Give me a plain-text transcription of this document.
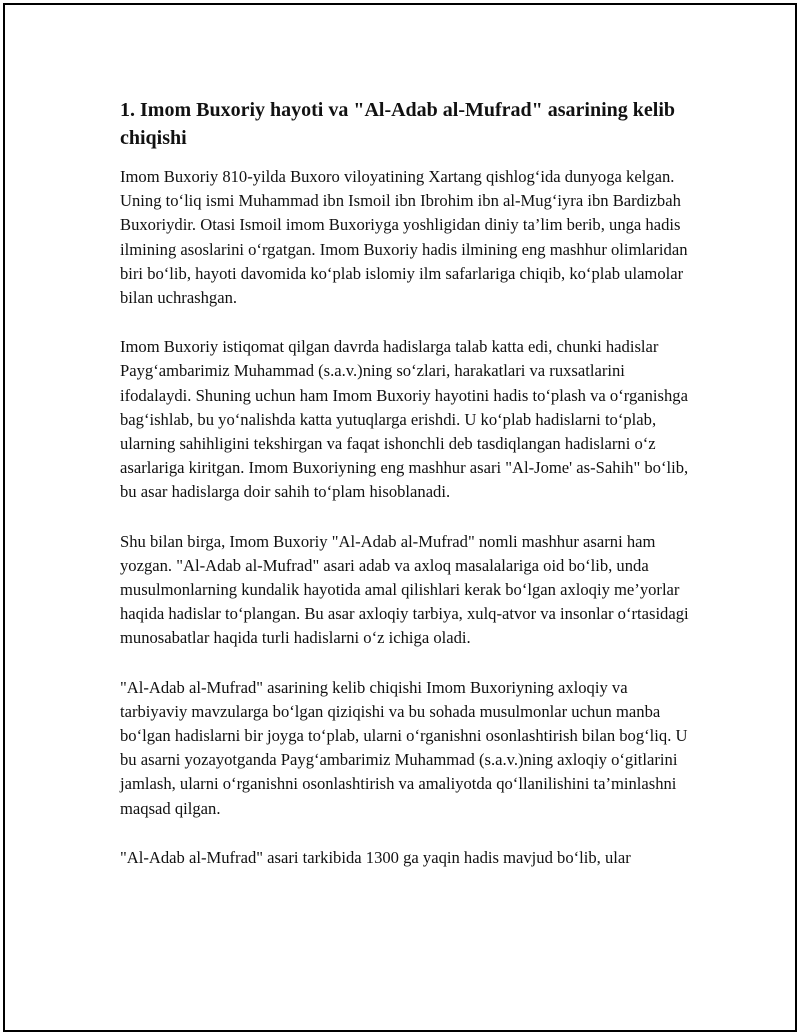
1. Imom Buxoriy hayoti va "Al-Adab al-Mufrad" asarining kelib chiqishi

Imom Buxoriy 810-yilda Buxoro viloyatining Xartang qishlog‘ida dunyoga kelgan. Uning to‘liq ismi Muhammad ibn Ismoil ibn Ibrohim ibn al-Mug‘iyra ibn Bardizbah Buxoriydir. Otasi Ismoil imom Buxoriyga yoshligidan diniy ta’lim berib, unga hadis ilmining asoslarini o‘rgatgan. Imom Buxoriy hadis ilmining eng mashhur olimlaridan biri bo‘lib, hayoti davomida ko‘plab islomiy ilm safarlariga chiqib, ko‘plab ulamolar bilan uchrashgan.

Imom Buxoriy istiqomat qilgan davrda hadislarga talab katta edi, chunki hadislar Payg‘ambarimiz Muhammad (s.a.v.)ning so‘zlari, harakatlari va ruxsatlarini ifodalaydi. Shuning uchun ham Imom Buxoriy hayotini hadis to‘plash va o‘rganishga bag‘ishlab, bu yo‘nalishda katta yutuqlarga erishdi. U ko‘plab hadislarni to‘plab, ularning sahihligini tekshirgan va faqat ishonchli deb tasdiqlangan hadislarni o‘z asarlariga kiritgan. Imom Buxoriyning eng mashhur asari "Al-Jome' as-Sahih" bo‘lib, bu asar hadislarga doir sahih to‘plam hisoblanadi.

Shu bilan birga, Imom Buxoriy "Al-Adab al-Mufrad" nomli mashhur asarni ham yozgan. "Al-Adab al-Mufrad" asari adab va axloq masalalariga oid bo‘lib, unda musulmonlarning kundalik hayotida amal qilishlari kerak bo‘lgan axloqiy me’yorlar haqida hadislar to‘plangan. Bu asar axloqiy tarbiya, xulq-atvor va insonlar o‘rtasidagi munosabatlar haqida turli hadislarni o‘z ichiga oladi.

"Al-Adab al-Mufrad" asarining kelib chiqishi Imom Buxoriyning axloqiy va tarbiyaviy mavzularga bo‘lgan qiziqishi va bu sohada musulmonlar uchun manba bo‘lgan hadislarni bir joyga to‘plab, ularni o‘rganishni osonlashtirish bilan bog‘liq. U bu asarni yozayotganda Payg‘ambarimiz Muhammad (s.a.v.)ning axloqiy o‘gitlarini jamlash, ularni o‘rganishni osonlashtirish va amaliyotda qo‘llanilishini ta’minlashni maqsad qilgan.

"Al-Adab al-Mufrad" asari tarkibida 1300 ga yaqin hadis mavjud bo‘lib, ular
